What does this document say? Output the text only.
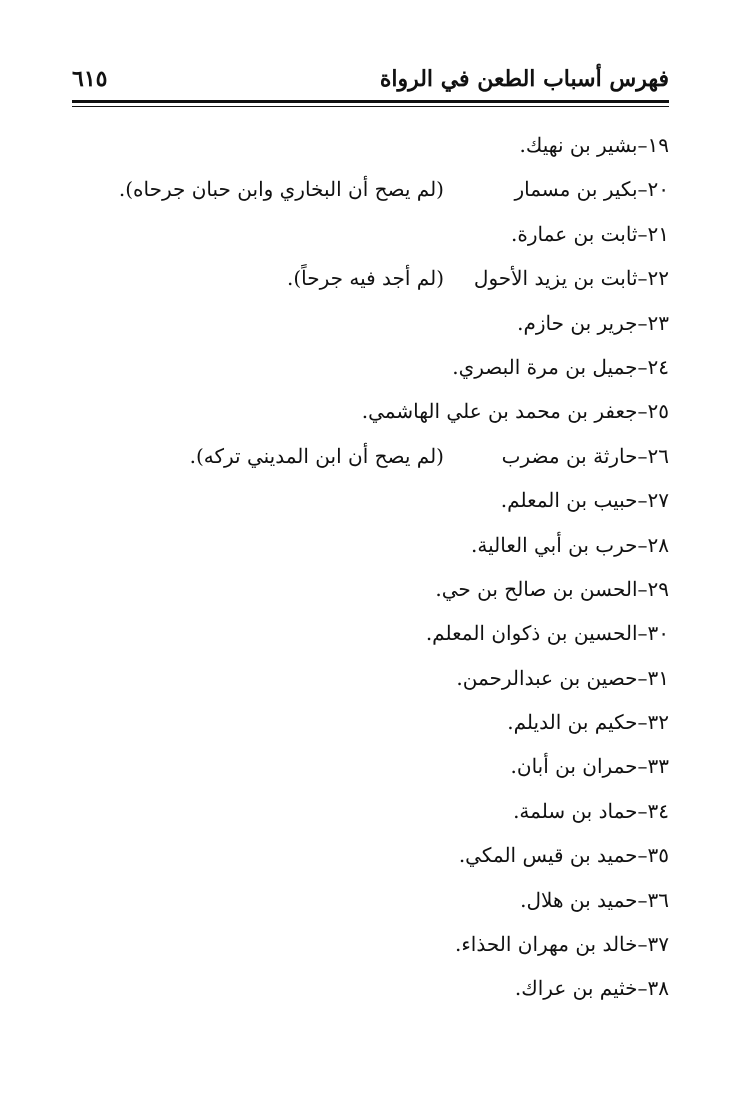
فهرس أسباب الطعن في الرواة
٦١٥
١٩–بشير بن نهيك.
٢٠–بكير بن مسمار
(لم يصح أن البخاري وابن حبان جرحاه).
٢١–ثابت بن عمارة.
٢٢–ثابت بن يزيد الأحول
(لم أجد فيه جرحاً).
٢٣–جرير بن حازم.
٢٤–جميل بن مرة البصري.
٢٥–جعفر بن محمد بن علي الهاشمي.
٢٦–حارثة بن مضرب
(لم يصح أن ابن المديني تركه).
٢٧–حبيب بن المعلم.
٢٨–حرب بن أبي العالية.
٢٩–الحسن بن صالح بن حي.
٣٠–الحسين بن ذكوان المعلم.
٣١–حصين بن عبدالرحمن.
٣٢–حكيم بن الديلم.
٣٣–حمران بن أبان.
٣٤–حماد بن سلمة.
٣٥–حميد بن قيس المكي.
٣٦–حميد بن هلال.
٣٧–خالد بن مهران الحذاء.
٣٨–خثيم بن عراك.
